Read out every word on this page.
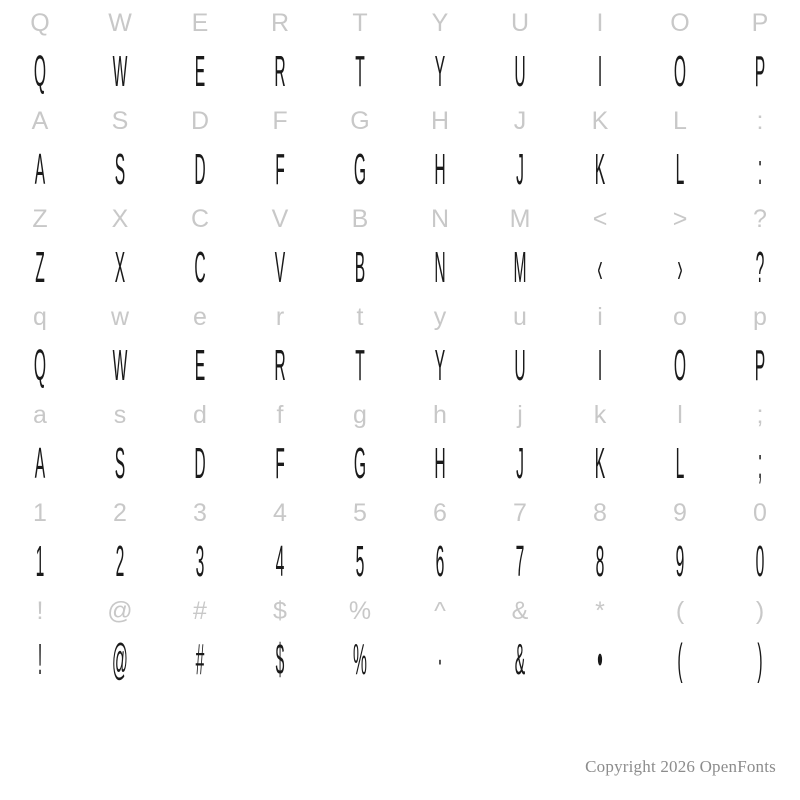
Q	W	E	R	T	Y	U	I	O	P
Q	W	E	R	T	Y	U	I	O	P
A	S	D	F	G	H	J	K	L	:
A	S	D	F	G	H	J	K	L	:
Z	X	C	V	B	N	M	<	>	?
Z	X	C	V	B	N	M	‹	›	?
q	w	e	r	t	y	u	i	o	p
Q	W	E	R	T	Y	U	I	O	P
a	s	d	f	g	h	j	k	l	;
A	S	D	F	G	H	J	K	L	;
1	2	3	4	5	6	7	8	9	0
1	2	3	4	5	6	7	8	9	0
!	@	#	$	%	^	&	*	(	)
!	@	#	$	%	·	&	•	(	)
Copyright 2026 OpenFonts
